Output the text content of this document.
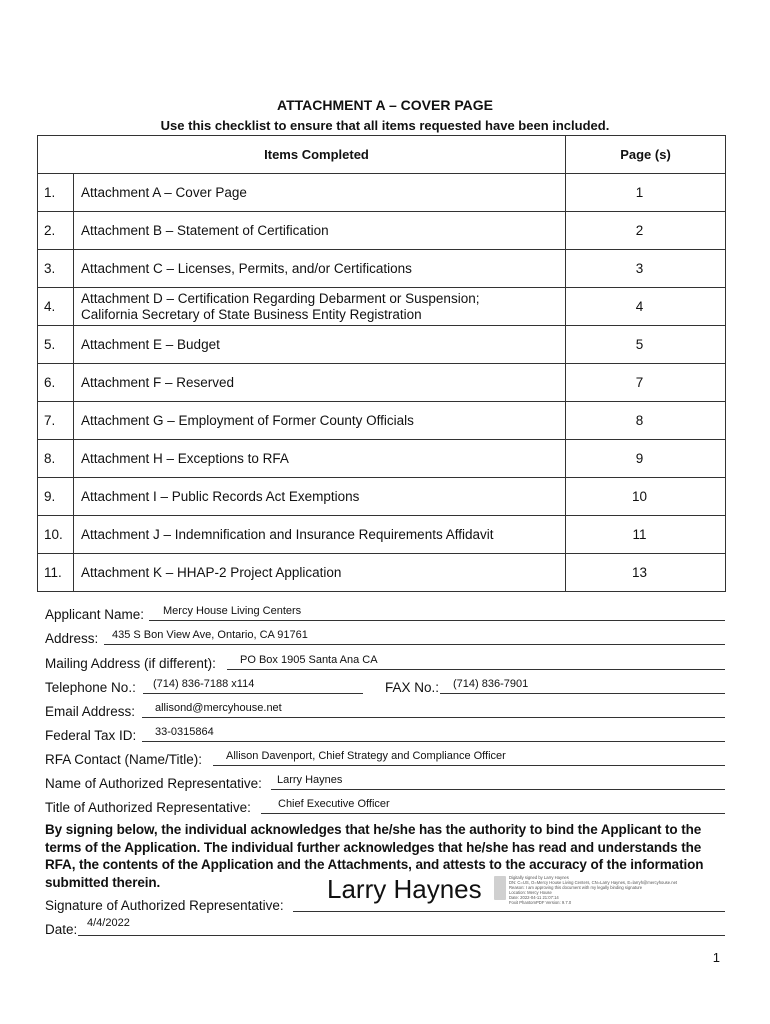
ATTACHMENT A – COVER PAGE
Use this checklist to ensure that all items requested have been included.
Items Completed		Page (s)
1.	Attachment A – Cover Page	1
2.	Attachment B – Statement of Certification	2
3.	Attachment C – Licenses, Permits, and/or Certifications	3
4.	Attachment D – Certification Regarding Debarment or Suspension;
California Secretary of State Business Entity Registration	4
5.	Attachment E – Budget	5
6.	Attachment F – Reserved	7
7.	Attachment G – Employment of Former County Officials	8
8.	Attachment H – Exceptions to RFA	9
9.	Attachment I – Public Records Act Exemptions	10
10.	Attachment J – Indemnification and Insurance Requirements Affidavit	11
11.	Attachment K – HHAP-2 Project Application	13
Applicant Name: Mercy House Living Centers
Address: 435 S Bon View Ave, Ontario, CA 91761
Mailing Address (if different): PO Box 1905 Santa Ana CA
Telephone No.: (714) 836-7188 x114	FAX No.: (714) 836-7901
Email Address: allisond@mercyhouse.net
Federal Tax ID: 33-0315864
RFA Contact (Name/Title): Allison Davenport, Chief Strategy and Compliance Officer
Name of Authorized Representative: Larry Haynes
Title of Authorized Representative: Chief Executive Officer
By signing below, the individual acknowledges that he/she has the authority to bind the Applicant to the terms of the Application. The individual further acknowledges that he/she has read and understands the RFA, the contents of the Application and the Attachments, and attests to the accuracy of the information submitted therein.
Signature of Authorized Representative:
Larry Haynes	Digitally signed by Larry Haynes
DN: C=US, O=Mercy House Living Centers, CN=Larry Haynes, E=larryh@mercyhouse.net
Reason: I am approving this document with my legally binding signature
Location: Mercy House
Date: 2022-04-11 21:07:14
Foxit PhantomPDF Version: 9.7.0
Date: 4/4/2022
1
